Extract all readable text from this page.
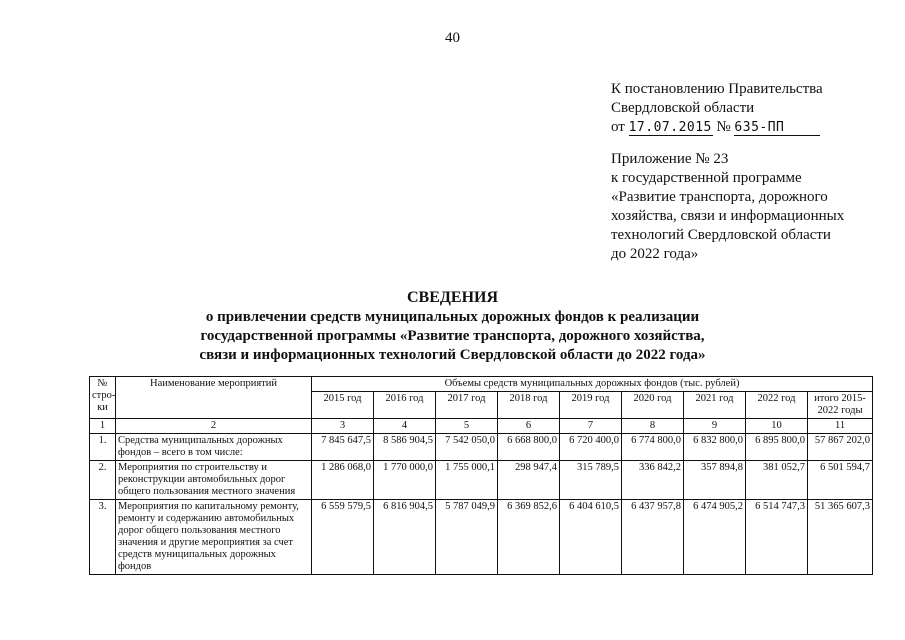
40
К постановлению Правительства
Свердловской области
от 17.07.2015 № 635-ПП
Приложение № 23
к государственной программе
«Развитие транспорта, дорожного
хозяйства, связи и информационных
технологий Свердловской области
до 2022 года»
СВЕДЕНИЯ
о привлечении средств муниципальных дорожных фондов к реализации
государственной программы «Развитие транспорта, дорожного хозяйства,
связи и информационных технологий Свердловской области до 2022 года»
№ стро-ки	Наименование мероприятий	Объемы средств муниципальных дорожных фондов (тыс. рублей)								
		2015 год	2016 год	2017 год	2018 год	2019 год	2020 год	2021 год	2022 год	итого 2015-2022 годы
1	2	3	4	5	6	7	8	9	10	11
1.	Средства муниципальных дорожных фондов – всего в том числе:	7 845 647,5	8 586 904,5	7 542 050,0	6 668 800,0	6 720 400,0	6 774 800,0	6 832 800,0	6 895 800,0	57 867 202,0
2.	Мероприятия по строительству и реконструкции автомобильных дорог общего пользования местного значения	1 286 068,0	1 770 000,0	1 755 000,1	298 947,4	315 789,5	336 842,2	357 894,8	381 052,7	6 501 594,7
3.	Мероприятия по капитальному ремонту, ремонту и содержанию автомобильных дорог общего пользования местного значения и другие мероприятия за счет средств муниципальных дорожных фондов	6 559 579,5	6 816 904,5	5 787 049,9	6 369 852,6	6 404 610,5	6 437 957,8	6 474 905,2	6 514 747,3	51 365 607,3
